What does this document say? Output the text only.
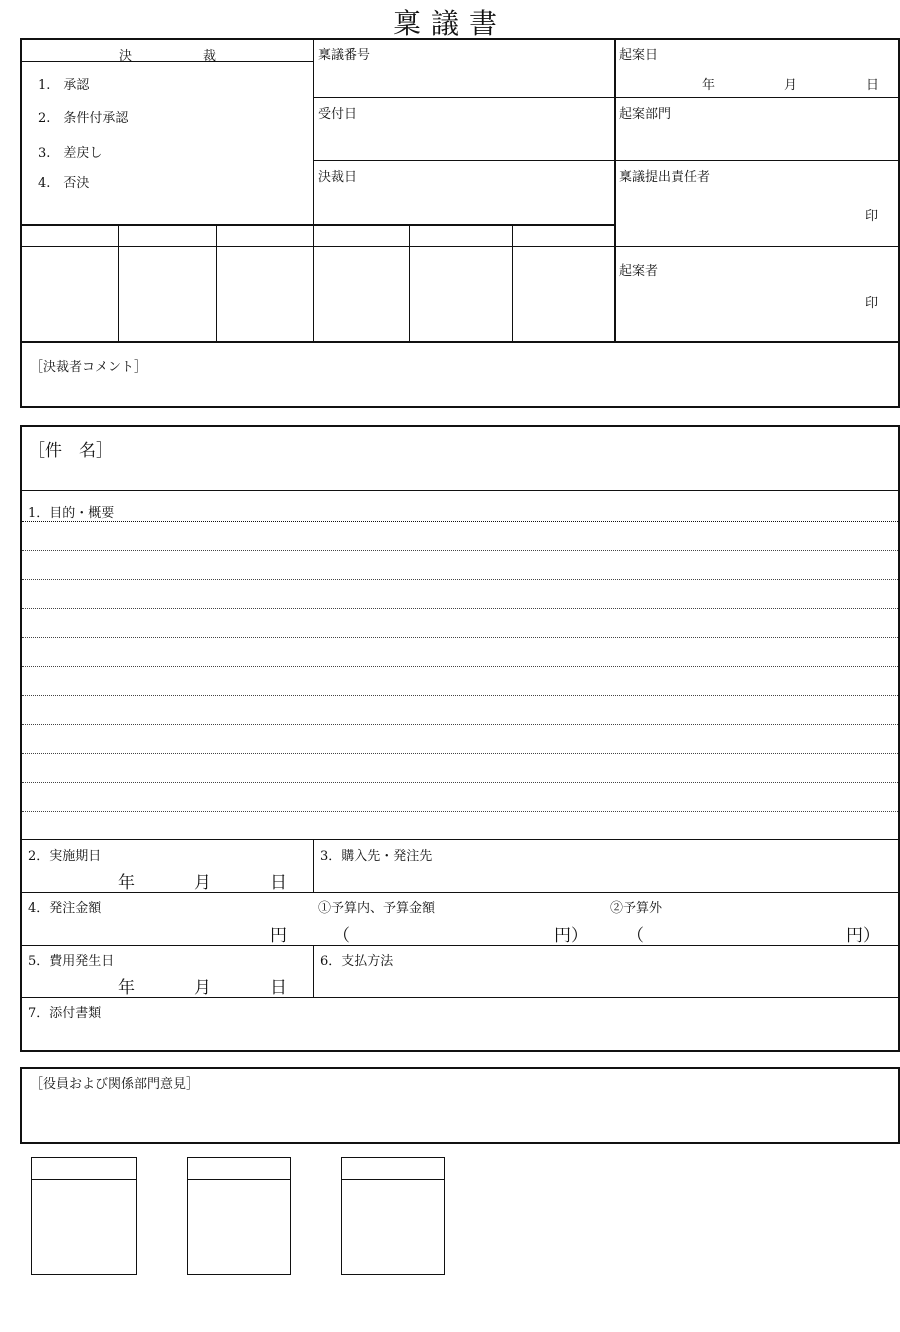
稟議書
決	裁
1.　承認
2.　条件付承認
3.　差戻し
4.　否決
稟議番号
受付日
決裁日
起案日
年	月	日
起案部門
稟議提出責任者
印
起案者
印
［決裁者コメント］
［件　名］
1．目的・概要
2．実施期日
年	月	日
3．購入先・発注先
4．発注金額
円
①予算内、予算金額
（	円）
②予算外
（	円）
5．費用発生日
年	月	日
6．支払方法
7．添付書類
［役員および関係部門意見］
